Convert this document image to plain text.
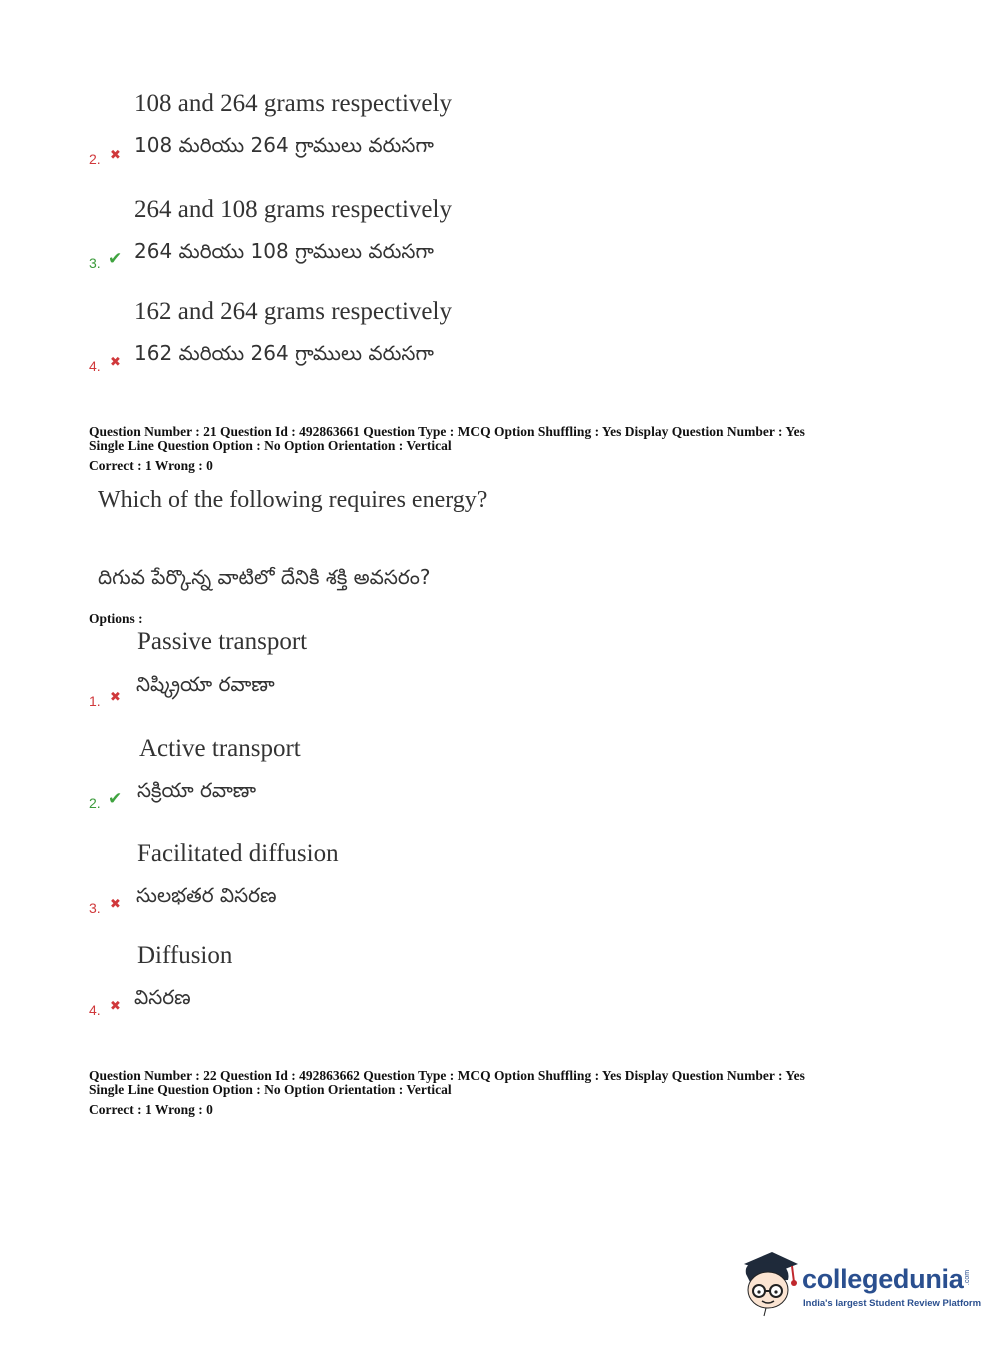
108 and 264 grams respectively
2. ✖ 108 మరియు 264 గ్రాములు వరుసగా
264 and 108 grams respectively
3. ✔ 264 మరియు 108 గ్రాములు వరుసగా
162 and 264 grams respectively
4. ✖ 162 మరియు 264 గ్రాములు వరుసగా
Question Number : 21 Question Id : 492863661 Question Type : MCQ Option Shuffling : Yes Display Question Number : Yes
Single Line Question Option : No Option Orientation : Vertical
Correct : 1 Wrong : 0
Which of the following requires energy?
దిగువ పేర్కొన్న వాటిలో దేనికి శక్తి అవసరం?
Options :
Passive transport
నిష్క్రియా రవాణా
1. ✖
Active transport
సక్రియా రవాణా
2. ✔
Facilitated diffusion
సులభతర విసరణ
3. ✖
Diffusion
విసరణ
4. ✖
Question Number : 22 Question Id : 492863662 Question Type : MCQ Option Shuffling : Yes Display Question Number : Yes
Single Line Question Option : No Option Orientation : Vertical
Correct : 1 Wrong : 0
collegedunia .com
India's largest Student Review Platform
